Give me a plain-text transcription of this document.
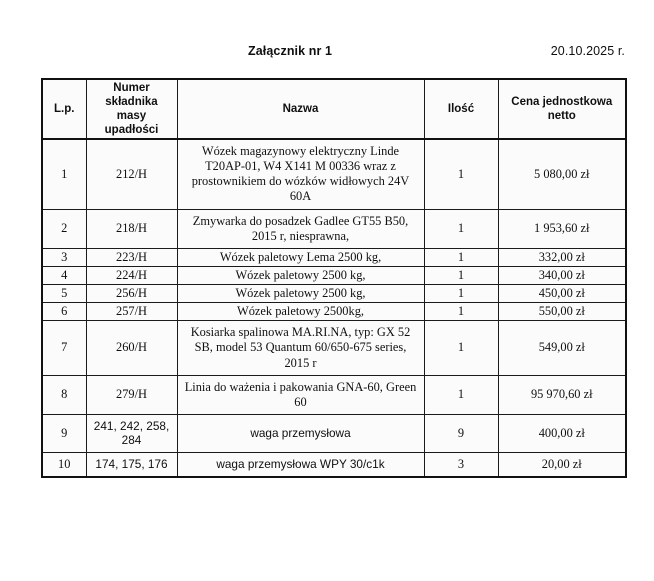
Załącznik nr 1	20.10.2025 r.
L.p.	Numer składnika masy upadłości	Nazwa	Ilość	Cena jednostkowa netto
1	212/H	Wózek magazynowy elektryczny Linde T20AP-01, W4 X141 M 00336 wraz z prostownikiem do wózków widłowych 24V 60A	1	5 080,00 zł
2	218/H	Zmywarka do posadzek Gadlee GT55 B50, 2015 r, niesprawna,	1	1 953,60 zł
3	223/H	Wózek paletowy Lema 2500 kg,	1	332,00 zł
4	224/H	Wózek paletowy 2500 kg,	1	340,00 zł
5	256/H	Wózek paletowy 2500 kg,	1	450,00 zł
6	257/H	Wózek paletowy 2500kg,	1	550,00 zł
7	260/H	Kosiarka spalinowa MA.RI.NA, typ: GX 52 SB, model 53 Quantum 60/650-675 series, 2015 r	1	549,00 zł
8	279/H	Linia do ważenia i pakowania GNA-60, Green 60	1	95 970,60 zł
9	241, 242, 258, 284	waga przemysłowa	9	400,00 zł
10	174, 175, 176	waga przemysłowa WPY 30/c1k	3	20,00 zł
